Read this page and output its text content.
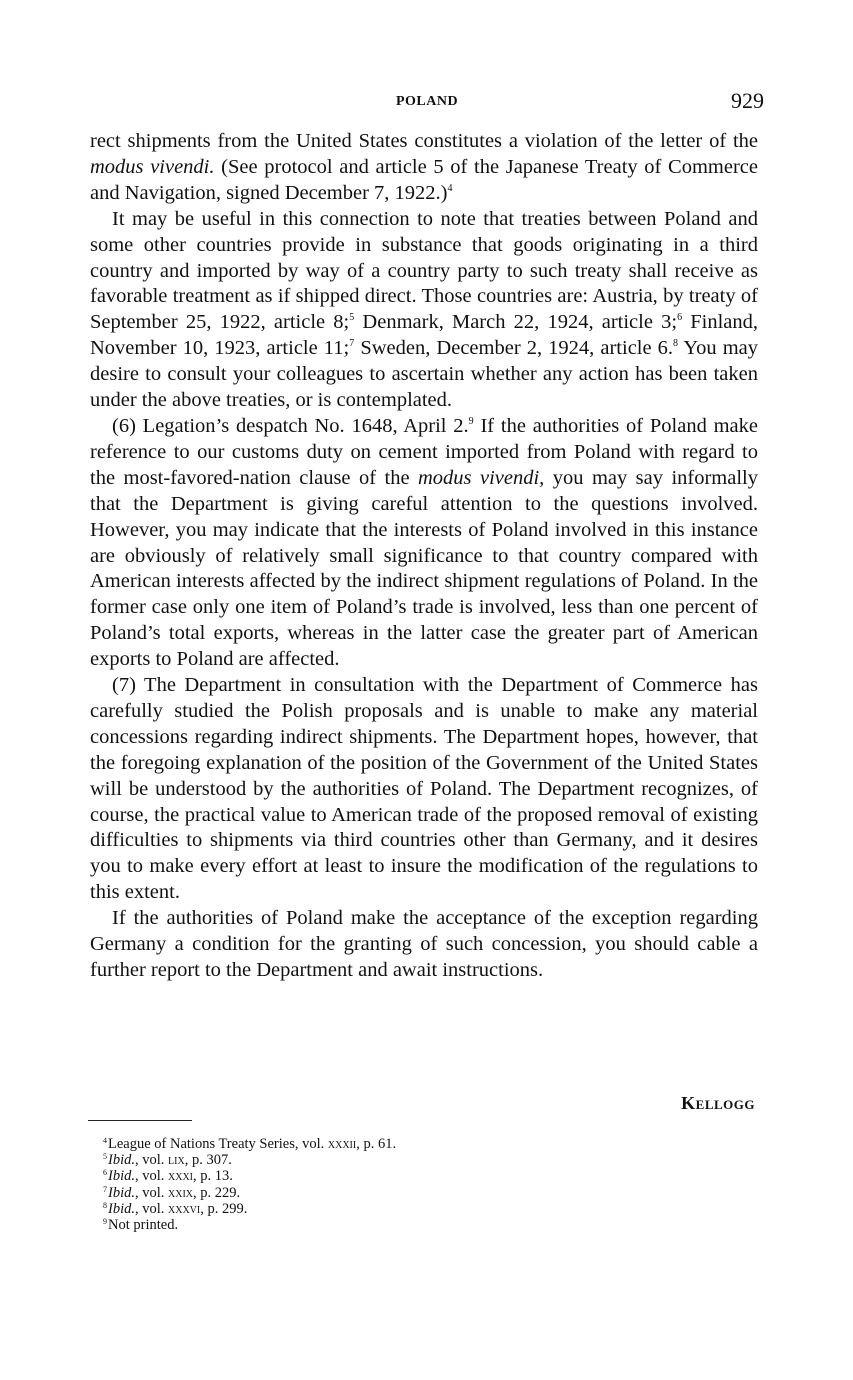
POLAND	929

rect shipments from the United States constitutes a violation of the letter of the modus vivendi. (See protocol and article 5 of the Japanese Treaty of Commerce and Navigation, signed December 7, 1922.)$^4$

It may be useful in this connection to note that treaties between Poland and some other countries provide in substance that goods originating in a third country and imported by way of a country party to such treaty shall receive as favorable treatment as if shipped direct. Those countries are: Austria, by treaty of September 25, 1922, article 8;$^5$ Denmark, March 22, 1924, article 3;$^6$ Finland, November 10, 1923, article 11;$^7$ Sweden, December 2, 1924, article 6.$^8$ You may desire to consult your colleagues to ascertain whether any action has been taken under the above treaties, or is contemplated.

(6) Legation’s despatch No. 1648, April 2.$^9$ If the authorities of Poland make reference to our customs duty on cement imported from Poland with regard to the most-favored-nation clause of the modus vivendi, you may say informally that the Department is giving careful attention to the questions involved. However, you may indicate that the interests of Poland involved in this instance are obviously of relatively small significance to that country compared with American interests affected by the indirect shipment regulations of Poland. In the former case only one item of Poland’s trade is involved, less than one percent of Poland’s total exports, whereas in the latter case the greater part of American exports to Poland are affected.

(7) The Department in consultation with the Department of Commerce has carefully studied the Polish proposals and is unable to make any material concessions regarding indirect shipments. The Department hopes, however, that the foregoing explanation of the position of the Government of the United States will be understood by the authorities of Poland. The Department recognizes, of course, the practical value to American trade of the proposed removal of existing difficulties to shipments via third countries other than Germany, and it desires you to make every effort at least to insure the modification of the regulations to this extent.

If the authorities of Poland make the acceptance of the exception regarding Germany a condition for the granting of such concession, you should cable a further report to the Department and await instructions.

Kellogg
$^4$League of Nations Treaty Series, vol. xxxii, p. 61.
$^5$Ibid., vol. lix, p. 307.
$^6$Ibid., vol. xxxi, p. 13.
$^7$Ibid., vol. xxix, p. 229.
$^8$Ibid., vol. xxxvi, p. 299.
$^9$Not printed.
